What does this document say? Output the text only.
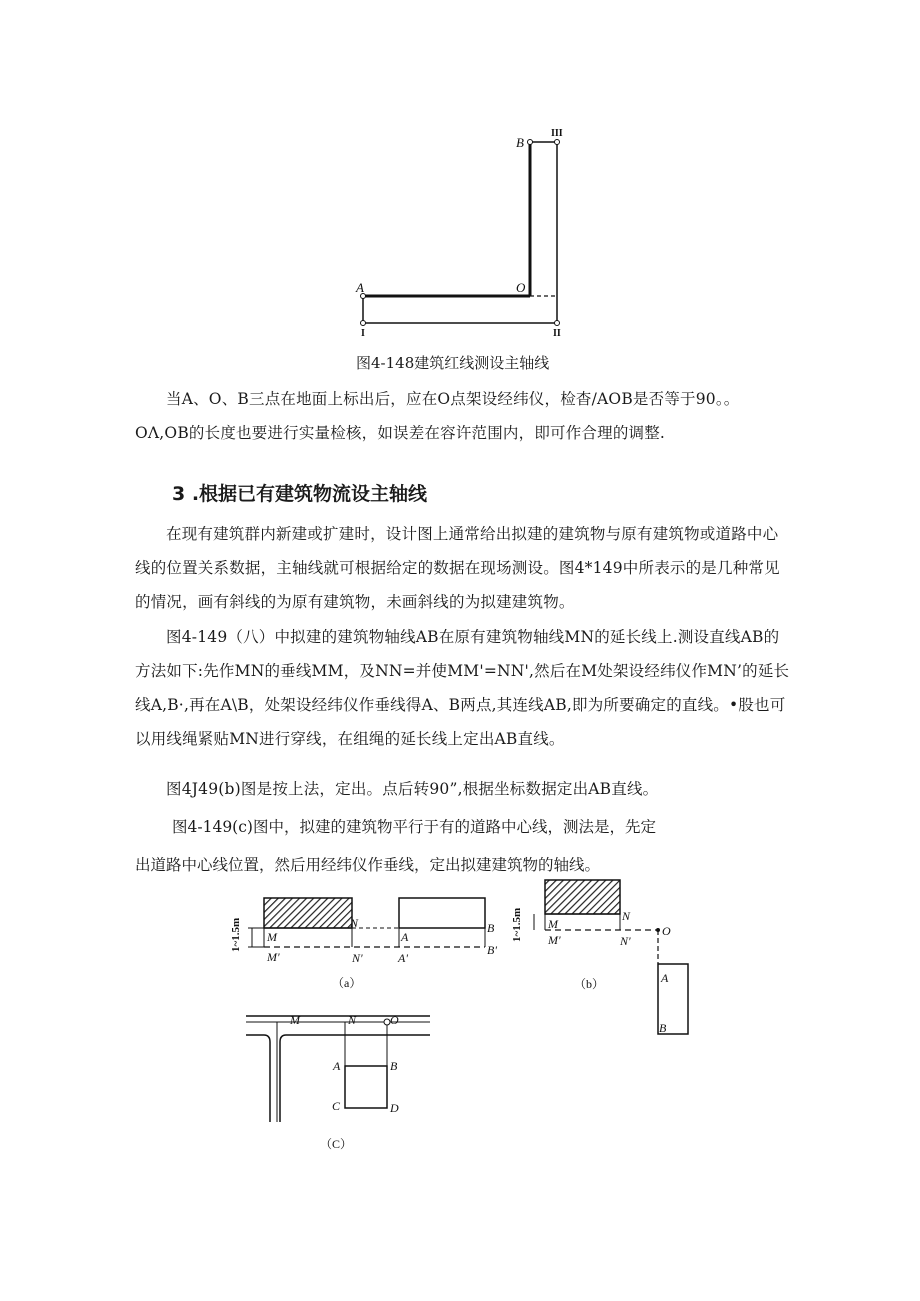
A	O
B
III
II
I
图4-148建筑红线测设主轴线
当A、O、B三点在地面上标出后，应在O点架设经纬仪，检杳/AOB是否等于90。。OΛ,OB的长度也要进行实量检核，如误差在容许范围内，即可作合理的调整.
3 .根据已有建筑物流设主轴线
在现有建筑群内新建或扩建时，设计图上通常给出拟建的建筑物与原有建筑物或道路中心线的位置关系数据，主轴线就可根据给定的数据在现场测设。图4*149中所表示的是几种常见的情况，画有斜线的为原有建筑物，未画斜线的为拟建建筑物。
图4-149（八）中拟建的建筑物轴线AB在原有建筑物轴线MN的延长线上.测设直线AB的方法如下:先作MN的垂线MM，及NN=并使MM'=NN',然后在M处架设经纬仪作MN’的延长线A,B·,再在A\B，处架设经纬仪作垂线得A、B两点,其连线AB,即为所要确定的直线。•股也可以用线绳紧贴MN进行穿线，在组绳的延长线上定出AB直线。
图4J49(b)图是按上法，定出。点后转90”,根据坐标数据定出AB直线。
图4-149(c)图中，拟建的建筑物平行于有的道路中心线，测法是，先定
出道路中心线位置，然后用经纬仪作垂线，定出拟建建筑物的轴线。
1~1.5m M
N
M'	N'
A
B
A'
B'
（a）
1~1.5m M
N
M'	N'
O
A
B
（b）
M	N	O
A	B
C	D
（C）
